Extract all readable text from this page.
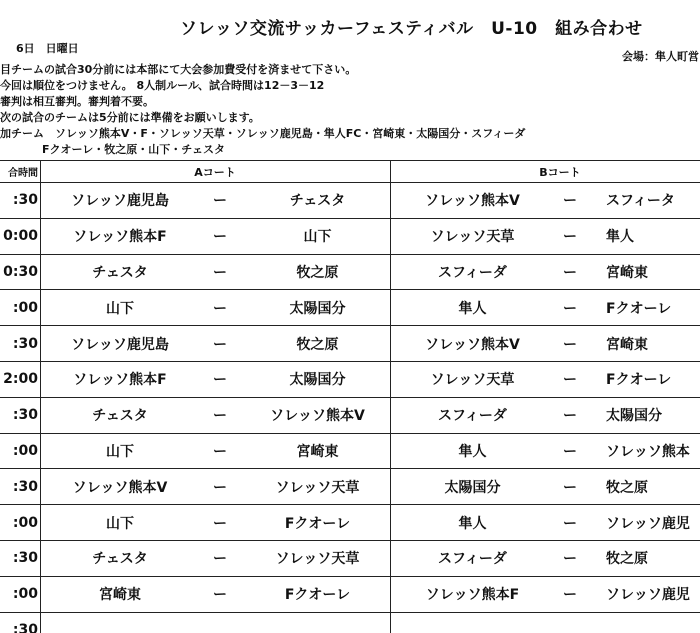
ソレッソ交流サッカーフェスティバル　U-10　組み合わせ
6日　日曜日
会場：隼人町営
目チームの試合30分前には本部にて大会参加費受付を済ませて下さい。
今回は順位をつけません。 8人制ルール、試合時間は12－3－12
審判は相互審判。審判着不要。
次の試合のチームは5分前には準備をお願いします。
加チーム　ソレッソ熊本V・F・ソレッソ天草・ソレッソ鹿児島・隼人FC・宮崎東・太陽国分・スフィーダ
Fクオーレ・牧之原・山下・チェスタ
合時間	Aコート	Bコート
:30	ソレッソ鹿児島	ー	チェスタ	ソレッソ熊本V	ー	スフィータ
0:00	ソレッソ熊本F	ー	山下	ソレッソ天草	ー	隼人
0:30	チェスタ	ー	牧之原	スフィーダ	ー	宮崎東
:00	山下	ー	太陽国分	隼人	ー	Fクオーレ
:30	ソレッソ鹿児島	ー	牧之原	ソレッソ熊本V	ー	宮崎東
2:00	ソレッソ熊本F	ー	太陽国分	ソレッソ天草	ー	Fクオーレ
:30	チェスタ	ー	ソレッソ熊本V	スフィーダ	ー	太陽国分
:00	山下	ー	宮崎東	隼人	ー	ソレッソ熊本
:30	ソレッソ熊本V	ー	ソレッソ天草	太陽国分	ー	牧之原
:00	山下	ー	Fクオーレ	隼人	ー	ソレッソ鹿児
:30	チェスタ	ー	ソレッソ天草	スフィーダ	ー	牧之原
:00	宮崎東	ー	Fクオーレ	ソレッソ熊本F	ー	ソレッソ鹿児
:30
